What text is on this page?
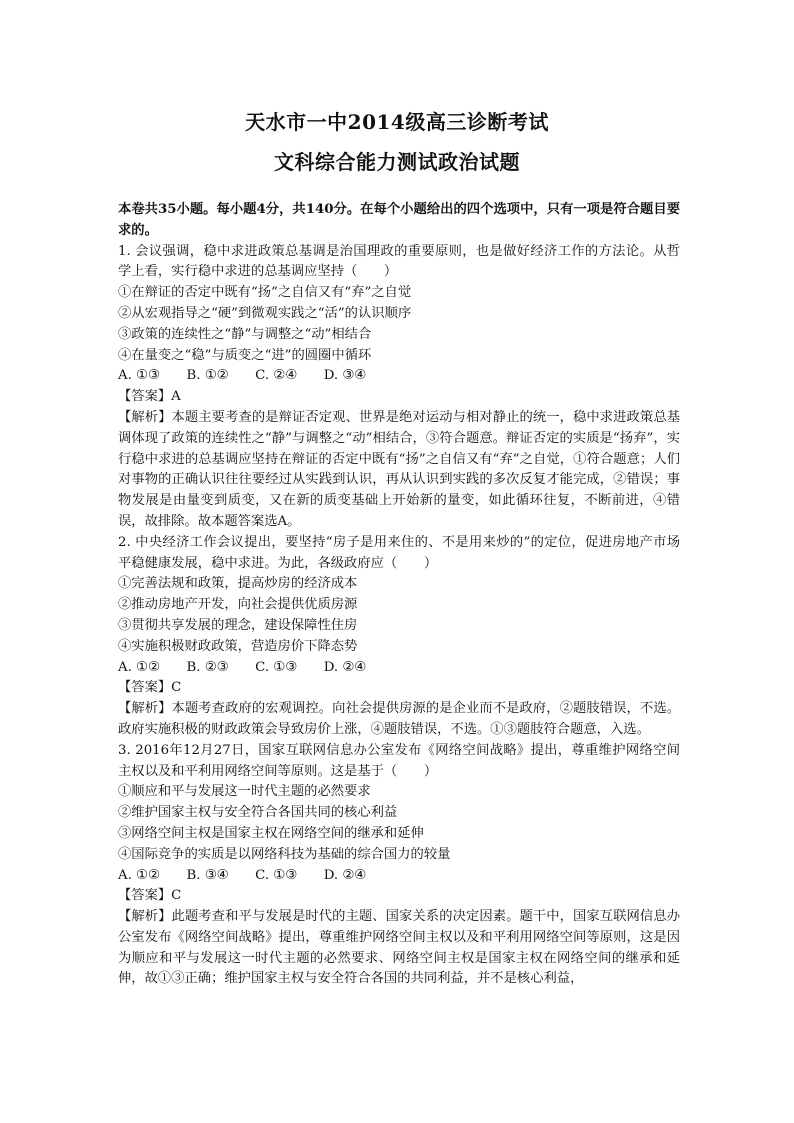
天水市一中2014级高三诊断考试
文科综合能力测试政治试题

本卷共35小题。每小题4分，共140分。在每个小题给出的四个选项中，只有一项是符合题目要求的。

1. 会议强调，稳中求进政策总基调是治国理政的重要原则，也是做好经济工作的方法论。从哲学上看，实行稳中求进的总基调应坚持（　　）

①在辩证的否定中既有“扬”之自信又有“弃”之自觉

②从宏观指导之“硬”到微观实践之“活”的认识顺序

③政策的连续性之“静”与调整之“动”相结合

④在量变之“稳”与质变之“进”的圆圈中循环

A. ①③　　B. ①②　　C. ②④　　D. ③④

【答案】A

【解析】本题主要考查的是辩证否定观、世界是绝对运动与相对静止的统一，稳中求进政策总基调体现了政策的连续性之“静”与调整之“动”相结合，③符合题意。辩证否定的实质是“扬弃”，实行稳中求进的总基调应坚持在辩证的否定中既有“扬”之自信又有“弃”之自觉，①符合题意；人们对事物的正确认识往往要经过从实践到认识，再从认识到实践的多次反复才能完成，②错误；事物发展是由量变到质变，又在新的质变基础上开始新的量变，如此循环往复，不断前进，④错误，故排除。故本题答案选A。

2. 中央经济工作会议提出，要坚持“房子是用来住的、不是用来炒的”的定位，促进房地产市场平稳健康发展，稳中求进。为此，各级政府应（　　）

①完善法规和政策，提高炒房的经济成本

②推动房地产开发，向社会提供优质房源

③贯彻共享发展的理念，建设保障性住房

④实施积极财政政策，营造房价下降态势

A. ①②　　B. ②③　　C. ①③　　D. ②④

【答案】C

【解析】本题考查政府的宏观调控。向社会提供房源的是企业而不是政府，②题肢错误，不选。政府实施积极的财政政策会导致房价上涨，④题肢错误，不选。①③题肢符合题意，入选。

3. 2016年12月27日，国家互联网信息办公室发布《网络空间战略》提出，尊重维护网络空间主权以及和平利用网络空间等原则。这是基于（　　）

①顺应和平与发展这一时代主题的必然要求

②维护国家主权与安全符合各国共同的核心利益

③网络空间主权是国家主权在网络空间的继承和延伸

④国际竞争的实质是以网络科技为基础的综合国力的较量

A. ①②　　B. ③④　　C. ①③　　D. ②④

【答案】C

【解析】此题考查和平与发展是时代的主题、国家关系的决定因素。题干中，国家互联网信息办公室发布《网络空间战略》提出，尊重维护网络空间主权以及和平利用网络空间等原则，这是因为顺应和平与发展这一时代主题的必然要求、网络空间主权是国家主权在网络空间的继承和延伸，故①③正确；维护国家主权与安全符合各国的共同利益，并不是核心利益，
